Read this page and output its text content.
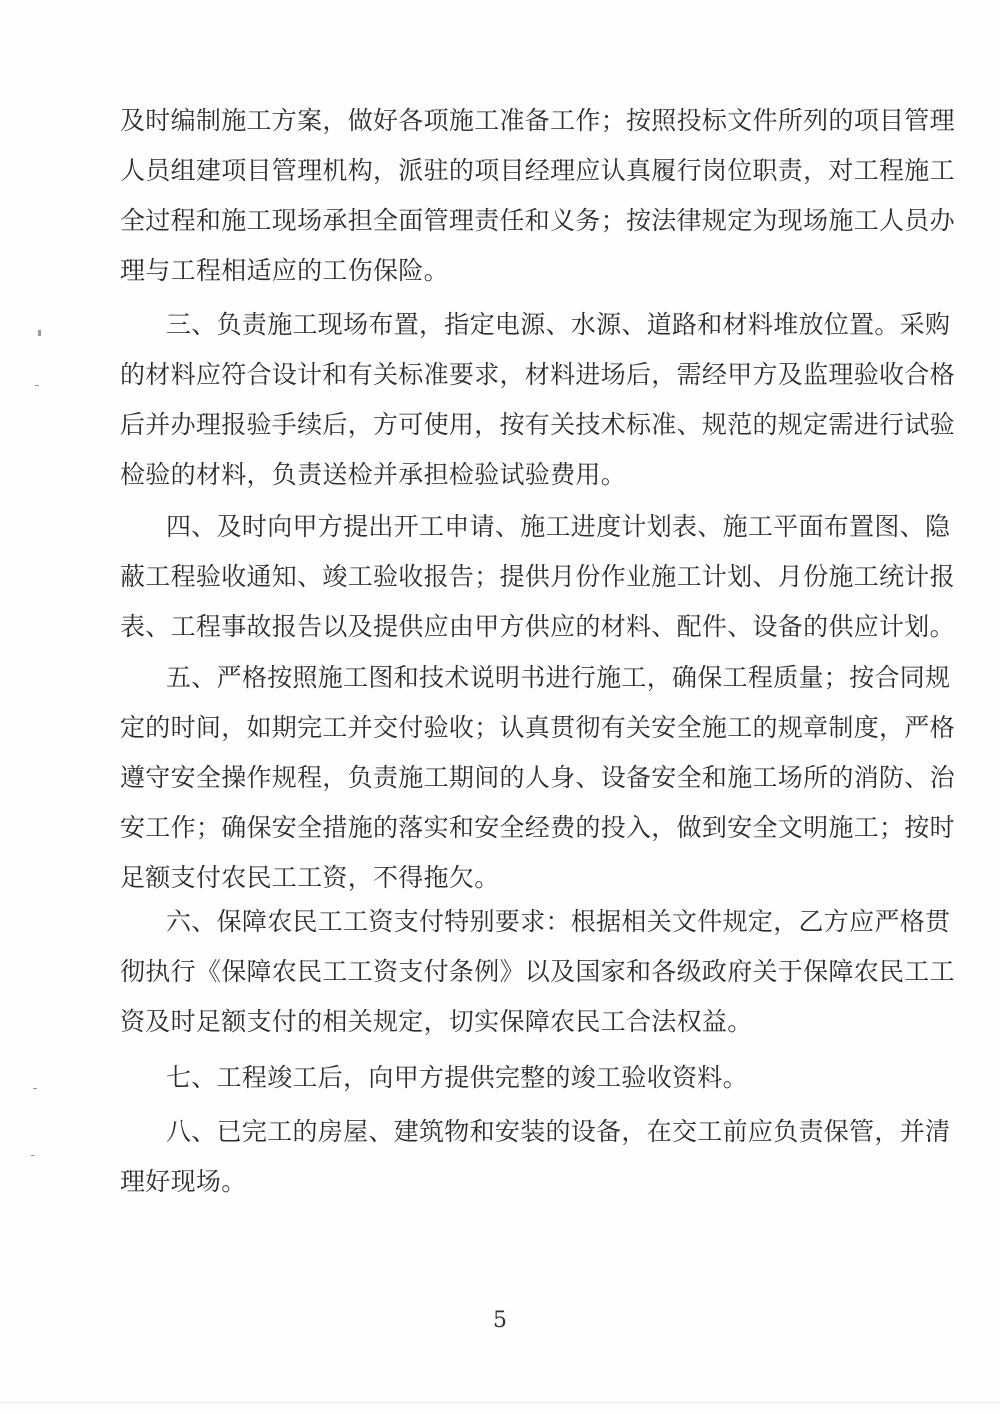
及时编制施工方案，做好各项施工准备工作；按照投标文件所列的项目管理
人员组建项目管理机构，派驻的项目经理应认真履行岗位职责，对工程施工
全过程和施工现场承担全面管理责任和义务；按法律规定为现场施工人员办
理与工程相适应的工伤保险。
三、负责施工现场布置，指定电源、水源、道路和材料堆放位置。采购
的材料应符合设计和有关标准要求，材料进场后，需经甲方及监理验收合格
后并办理报验手续后，方可使用，按有关技术标准、规范的规定需进行试验
检验的材料，负责送检并承担检验试验费用。
四、及时向甲方提出开工申请、施工进度计划表、施工平面布置图、隐
蔽工程验收通知、竣工验收报告；提供月份作业施工计划、月份施工统计报
表、工程事故报告以及提供应由甲方供应的材料、配件、设备的供应计划。
五、严格按照施工图和技术说明书进行施工，确保工程质量；按合同规
定的时间，如期完工并交付验收；认真贯彻有关安全施工的规章制度，严格
遵守安全操作规程，负责施工期间的人身、设备安全和施工场所的消防、治
安工作；确保安全措施的落实和安全经费的投入，做到安全文明施工；按时
足额支付农民工工资，不得拖欠。
六、保障农民工工资支付特别要求：根据相关文件规定，乙方应严格贯
彻执行《保障农民工工资支付条例》以及国家和各级政府关于保障农民工工
资及时足额支付的相关规定，切实保障农民工合法权益。
七、工程竣工后，向甲方提供完整的竣工验收资料。
八、已完工的房屋、建筑物和安装的设备，在交工前应负责保管，并清
理好现场。
5
